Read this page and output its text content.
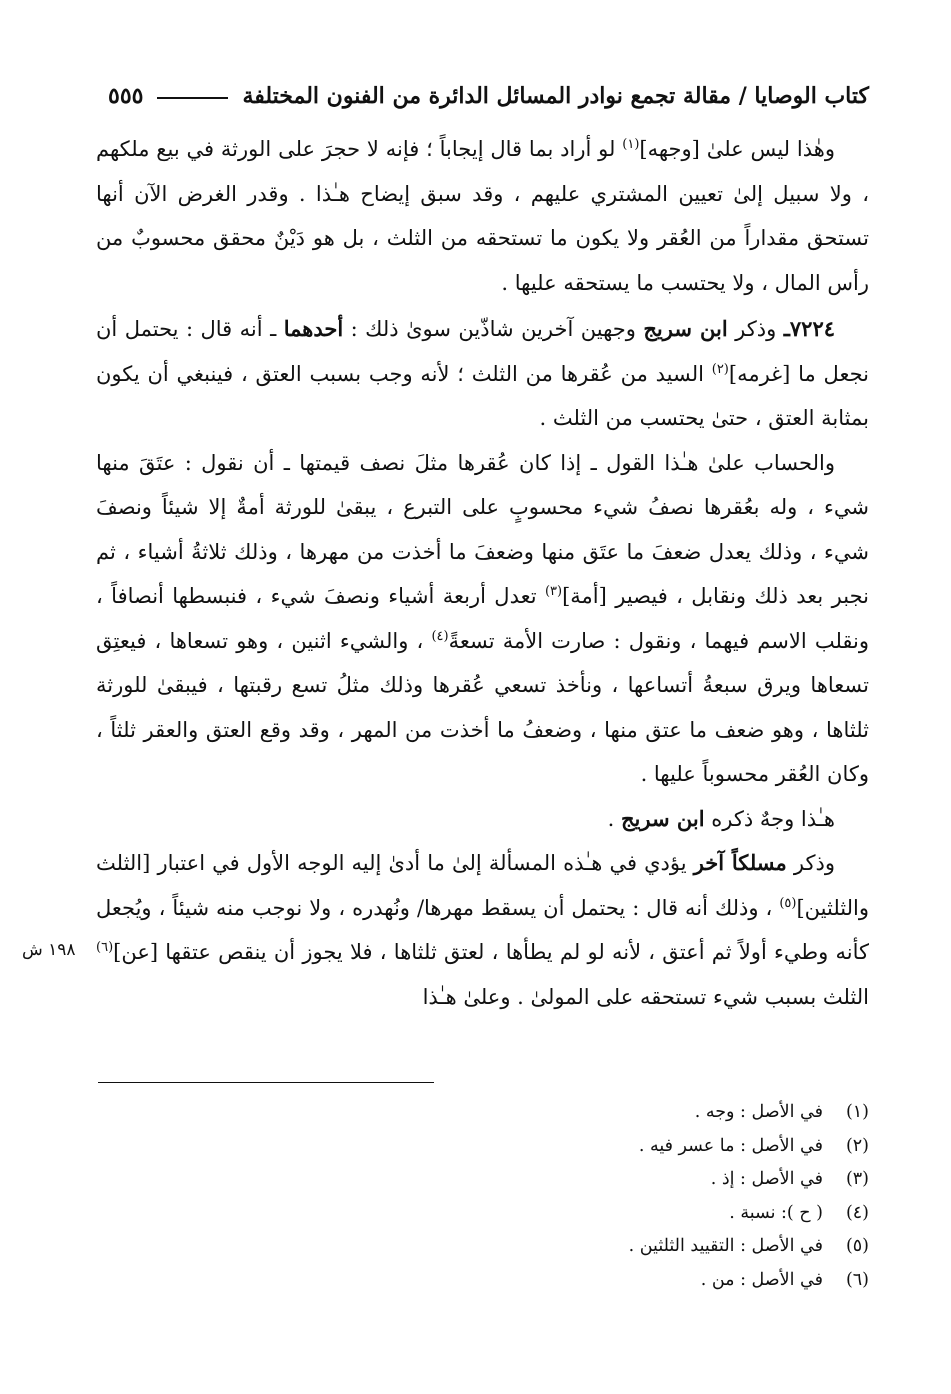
كتاب الوصايا / مقالة تجمع نوادر المسائل الدائرة من الفنون المختلفة
٥٥٥
١٩٨ ش

وهٰذا ليس علىٰ [وجهه]$^{(١)}$ لو أراد بما قال إيجاباً ؛ فإنه لا حجرَ على الورثة في بيع ملكهم ، ولا سبيل إلىٰ تعيين المشتري عليهم ، وقد سبق إيضاح هـٰذا . وقدر الغرض الآن أنها تستحق مقداراً من العُقر ولا يكون ما تستحقه من الثلث ، بل هو دَيْنٌ محقق محسوبٌ من رأس المال ، ولا يحتسب ما يستحقه عليها .

٧٢٢٤ـ وذكر ابن سريج وجهين آخرين شاذّين سوىٰ ذلك : أحدهما ـ أنه قال : يحتمل أن نجعل ما [غرمه]$^{(٢)}$ السيد من عُقرها من الثلث ؛ لأنه وجب بسبب العتق ، فينبغي أن يكون بمثابة العتق ، حتىٰ يحتسب من الثلث .

والحساب علىٰ هـٰذا القول ـ إذا كان عُقرها مثلَ نصف قيمتها ـ أن نقول : عتَقَ منها شيء ، وله بعُقرها نصفُ شيء محسوبٍ على التبرع ، يبقىٰ للورثة أمةٌ إلا شيئاً ونصفَ شيء ، وذلك يعدل ضعفَ ما عتَق منها وضعفَ ما أخذت من مهرها ، وذلك ثلاثةُ أشياء ، ثم نجبر بعد ذلك ونقابل ، فيصير [أمة]$^{(٣)}$ تعدل أربعة أشياء ونصفَ شيء ، فنبسطها أنصافاً ، ونقلب الاسم فيهما ، ونقول : صارت الأمة تسعةً$^{(٤)}$ ، والشيء اثنين ، وهو تسعاها ، فيعتِق تسعاها ويرق سبعةُ أتساعها ، ونأخذ تسعي عُقرها وذلك مثلُ تسع رقبتها ، فيبقىٰ للورثة ثلثاها ، وهو ضعف ما عتق منها ، وضعفُ ما أخذت من المهر ، وقد وقع العتق والعقر ثلثاً ، وكان العُقر محسوباً عليها .

هـٰذا وجهٌ ذكره ابن سريج .

وذكر مسلكاً آخر يؤدي في هـٰذه المسألة إلىٰ ما أدىٰ إليه الوجه الأول في اعتبار [الثلث والثلثين]$^{(٥)}$ ، وذلك أنه قال : يحتمل أن يسقط مهرها/ ونُهدره ، ولا نوجب منه شيئاً ، ويُجعل كأنه وطيء أولاً ثم أعتق ، لأنه لو لم يطأها ، لعتق ثلثاها ، فلا يجوز أن ينقص عتقها [عن]$^{(٦)}$ الثلث بسبب شيء تستحقه على المولىٰ . وعلىٰ هـٰذا

(١)
في الأصل : وجه .
(٢)
في الأصل : ما عسر فيه .
(٣)
في الأصل : إذ .
(٤)
( ح ): نسبة .
(٥)
في الأصل : التقييد الثلثين .
(٦)
في الأصل : من .
